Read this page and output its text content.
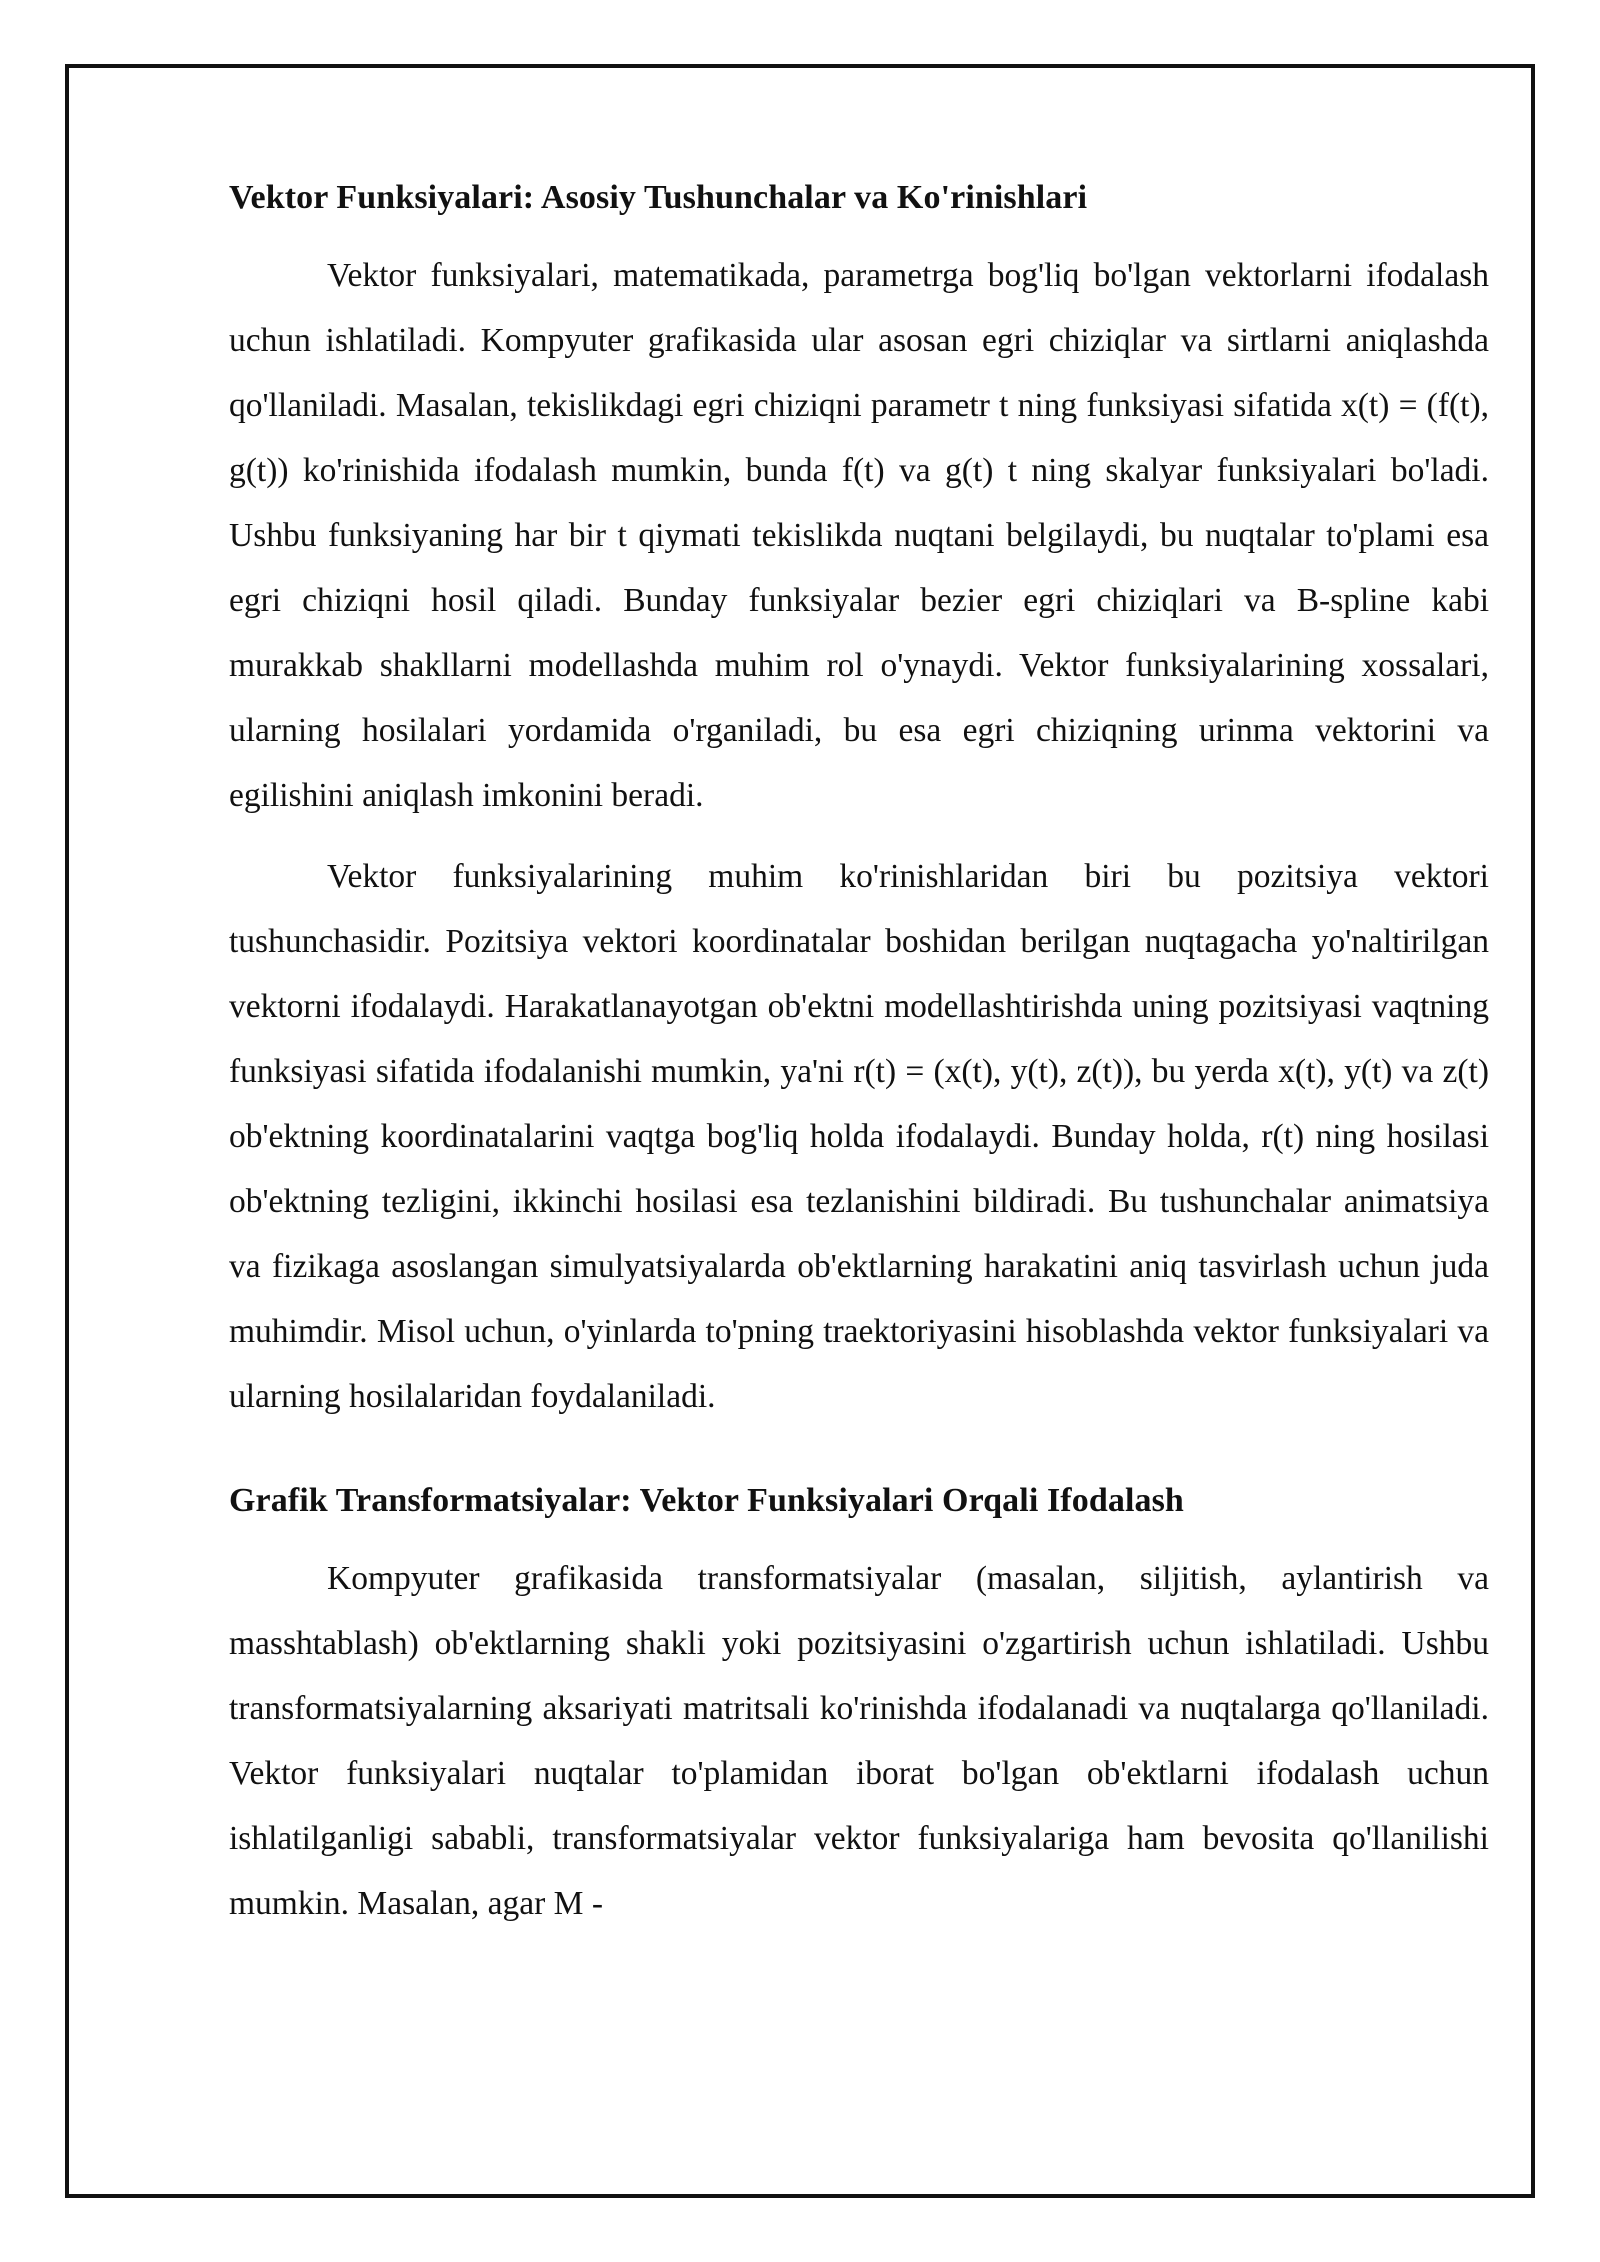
Vektor Funksiyalari: Asosiy Tushunchalar va Ko'rinishlari

Vektor funksiyalari, matematikada, parametrga bog'liq bo'lgan vektorlarni ifodalash uchun ishlatiladi. Kompyuter grafikasida ular asosan egri chiziqlar va sirtlarni aniqlashda qo'llaniladi. Masalan, tekislikdagi egri chiziqni parametr t ning funksiyasi sifatida x(t) = (f(t), g(t)) ko'rinishida ifodalash mumkin, bunda f(t) va g(t) t ning skalyar funksiyalari bo'ladi. Ushbu funksiyaning har bir t qiymati tekislikda nuqtani belgilaydi, bu nuqtalar to'plami esa egri chiziqni hosil qiladi. Bunday funksiyalar bezier egri chiziqlari va B-spline kabi murakkab shakllarni modellashda muhim rol o'ynaydi. Vektor funksiyalarining xossalari, ularning hosilalari yordamida o'rganiladi, bu esa egri chiziqning urinma vektorini va egilishini aniqlash imkonini beradi.

Vektor funksiyalarining muhim ko'rinishlaridan biri bu pozitsiya vektori tushunchasidir. Pozitsiya vektori koordinatalar boshidan berilgan nuqtagacha yo'naltirilgan vektorni ifodalaydi. Harakatlanayotgan ob'ektni modellashtirishda uning pozitsiyasi vaqtning funksiyasi sifatida ifodalanishi mumkin, ya'ni r(t) = (x(t), y(t), z(t)), bu yerda x(t), y(t) va z(t) ob'ektning koordinatalarini vaqtga bog'liq holda ifodalaydi. Bunday holda, r(t) ning hosilasi ob'ektning tezligini, ikkinchi hosilasi esa tezlanishini bildiradi. Bu tushunchalar animatsiya va fizikaga asoslangan simulyatsiyalarda ob'ektlarning harakatini aniq tasvirlash uchun juda muhimdir. Misol uchun, o'yinlarda to'pning traektoriyasini hisoblashda vektor funksiyalari va ularning hosilalaridan foydalaniladi.

Grafik Transformatsiyalar: Vektor Funksiyalari Orqali Ifodalash

Kompyuter grafikasida transformatsiyalar (masalan, siljitish, aylantirish va masshtablash) ob'ektlarning shakli yoki pozitsiyasini o'zgartirish uchun ishlatiladi. Ushbu transformatsiyalarning aksariyati matritsali ko'rinishda ifodalanadi va nuqtalarga qo'llaniladi. Vektor funksiyalari nuqtalar to'plamidan iborat bo'lgan ob'ektlarni ifodalash uchun ishlatilganligi sababli, transformatsiyalar vektor funksiyalariga ham bevosita qo'llanilishi mumkin. Masalan, agar M -
